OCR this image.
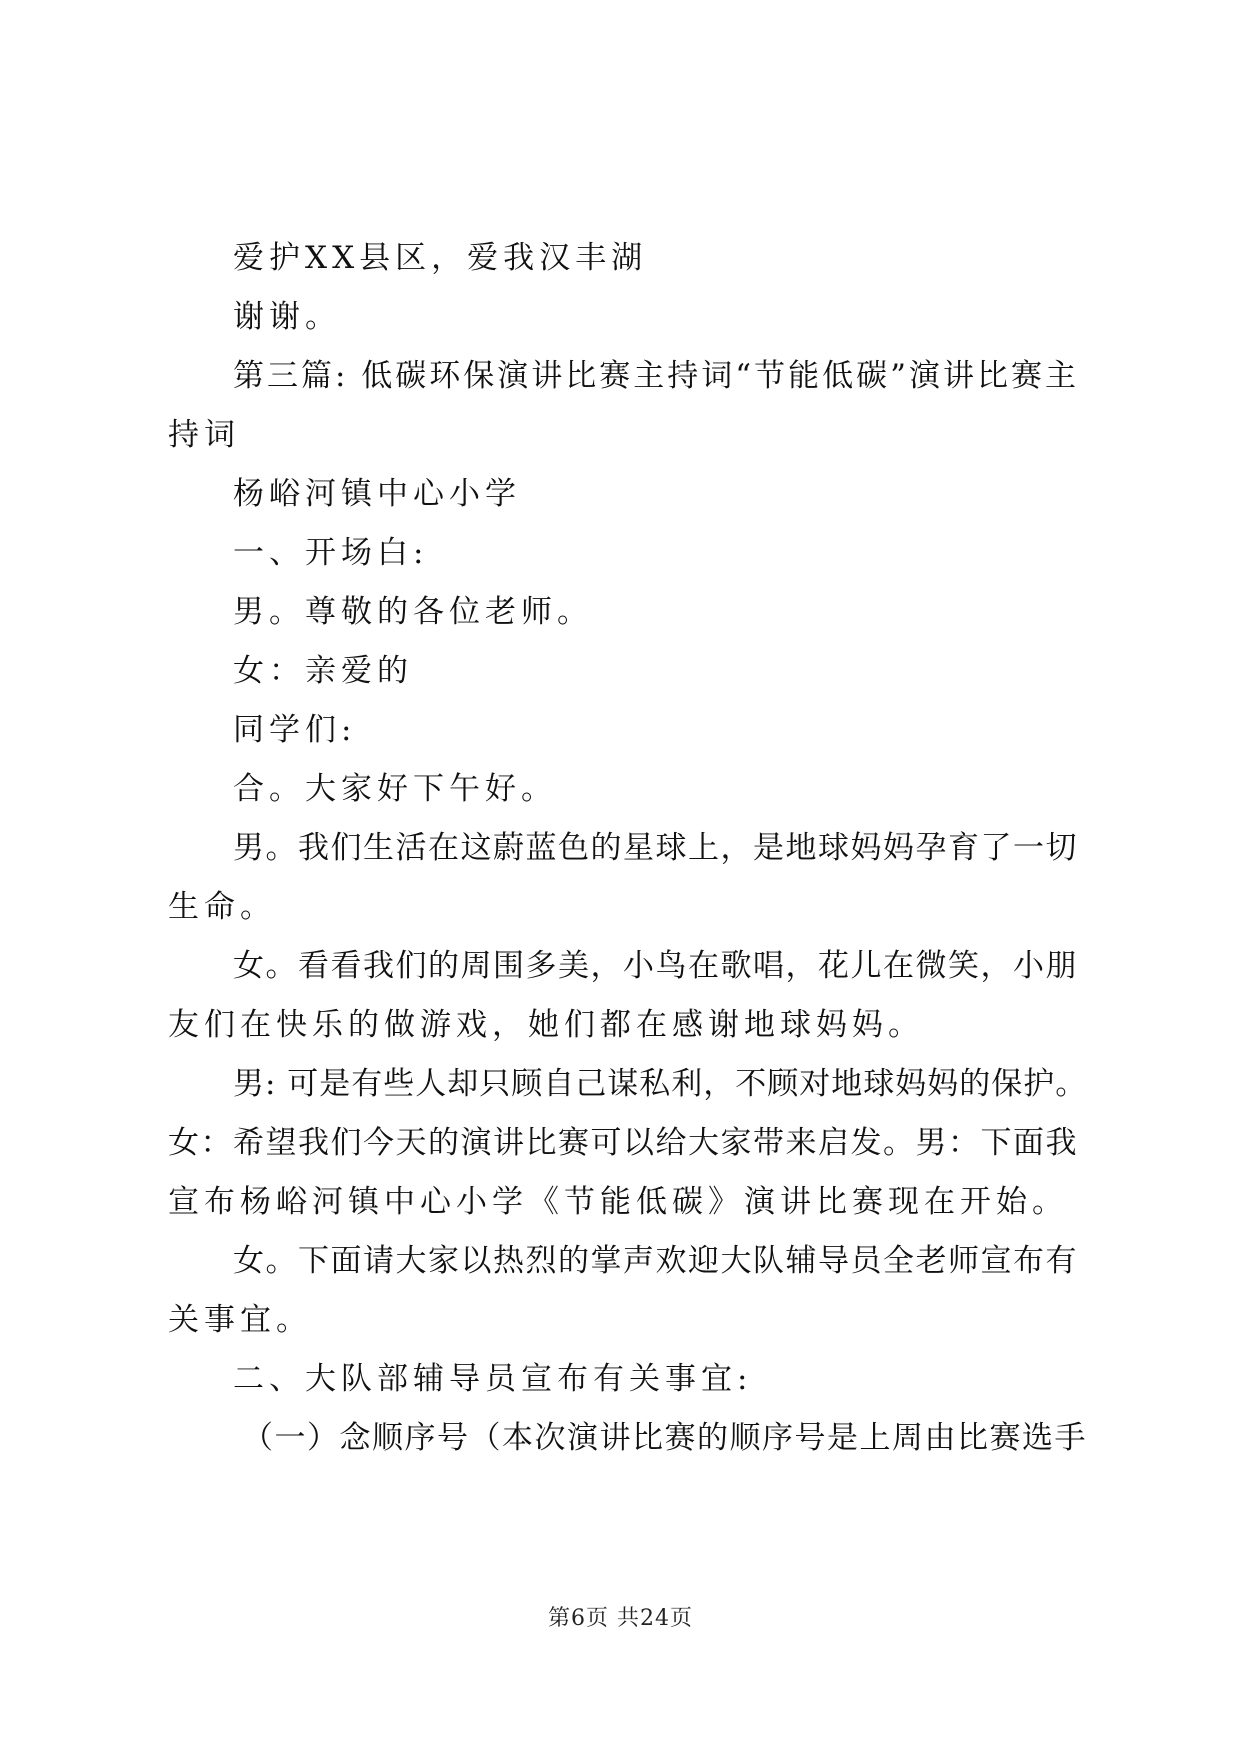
爱护XX县区，爱我汉丰湖
谢谢。
第三篇: 低碳环保演讲比赛主持词“节能低碳”演讲比赛主
持词
杨峪河镇中心小学
一、开场白:
男。尊敬的各位老师。
女：亲爱的
同学们:
合。大家好下午好。
男。我们生活在这蔚蓝色的星球上，是地球妈妈孕育了一切
生命。
女。看看我们的周围多美，小鸟在歌唱，花儿在微笑，小朋
友们在快乐的做游戏，她们都在感谢地球妈妈。
男: 可是有些人却只顾自己谋私利，不顾对地球妈妈的保护。
女：希望我们今天的演讲比赛可以给大家带来启发。男：下面我
宣布杨峪河镇中心小学《节能低碳》演讲比赛现在开始。
女。下面请大家以热烈的掌声欢迎大队辅导员全老师宣布有
关事宜。
二、大队部辅导员宣布有关事宜:
（一）念顺序号（本次演讲比赛的顺序号是上周由比赛选手
第6页 共24页
